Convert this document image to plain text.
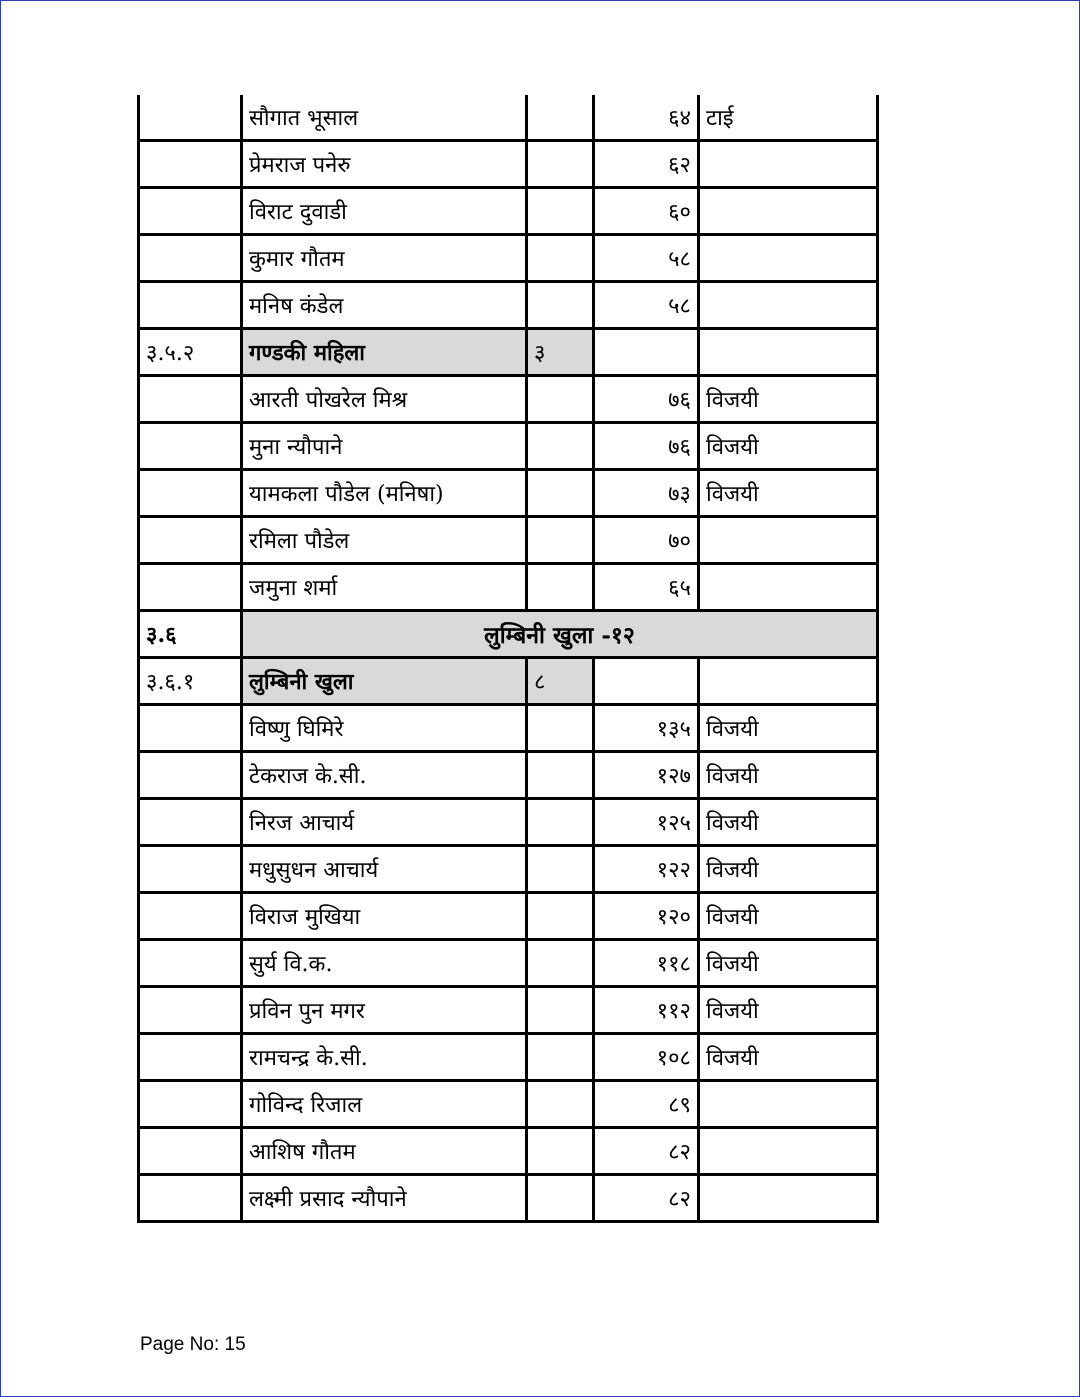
	सौगात भूसाल		६४	टाई
	प्रेमराज पनेरु		६२	
	विराट दुवाडी		६०	
	कुमार गौतम		५८	
	मनिष कंडेल		५८	
३.५.२	गण्डकी महिला	३		
	आरती पोखरेल मिश्र		७६	विजयी
	मुना न्यौपाने		७६	विजयी
	यामकला पौडेल (मनिषा)		७३	विजयी
	रमिला पौडेल		७०	
	जमुना शर्मा		६५	
३.६	लुम्बिनी खुला -१२			
३.६.१	लुम्बिनी खुला	८		
	विष्णु घिमिरे		१३५	विजयी
	टेकराज के.सी.		१२७	विजयी
	निरज आचार्य		१२५	विजयी
	मधुसुधन आचार्य		१२२	विजयी
	विराज मुखिया		१२०	विजयी
	सुर्य वि.क.		११८	विजयी
	प्रविन पुन मगर		११२	विजयी
	रामचन्द्र के.सी.		१०८	विजयी
	गोविन्द रिजाल		८९	
	आशिष गौतम		८२	
	लक्ष्मी प्रसाद न्यौपाने		८२	
Page No: 15
